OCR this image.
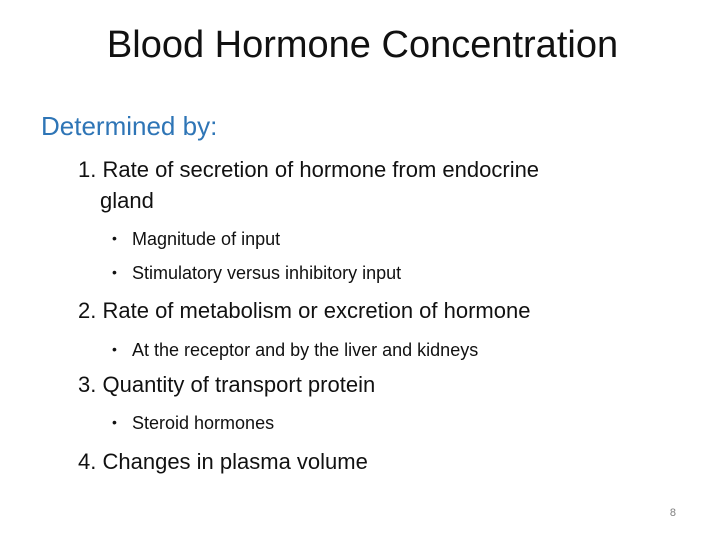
Blood Hormone Concentration
Determined by:
1. Rate of secretion of hormone from endocrine
gland
• Magnitude of input
• Stimulatory versus inhibitory input
2. Rate of metabolism or excretion of hormone
• At the receptor and by the liver and kidneys
3. Quantity of transport protein
• Steroid hormones
4. Changes in plasma volume
8
